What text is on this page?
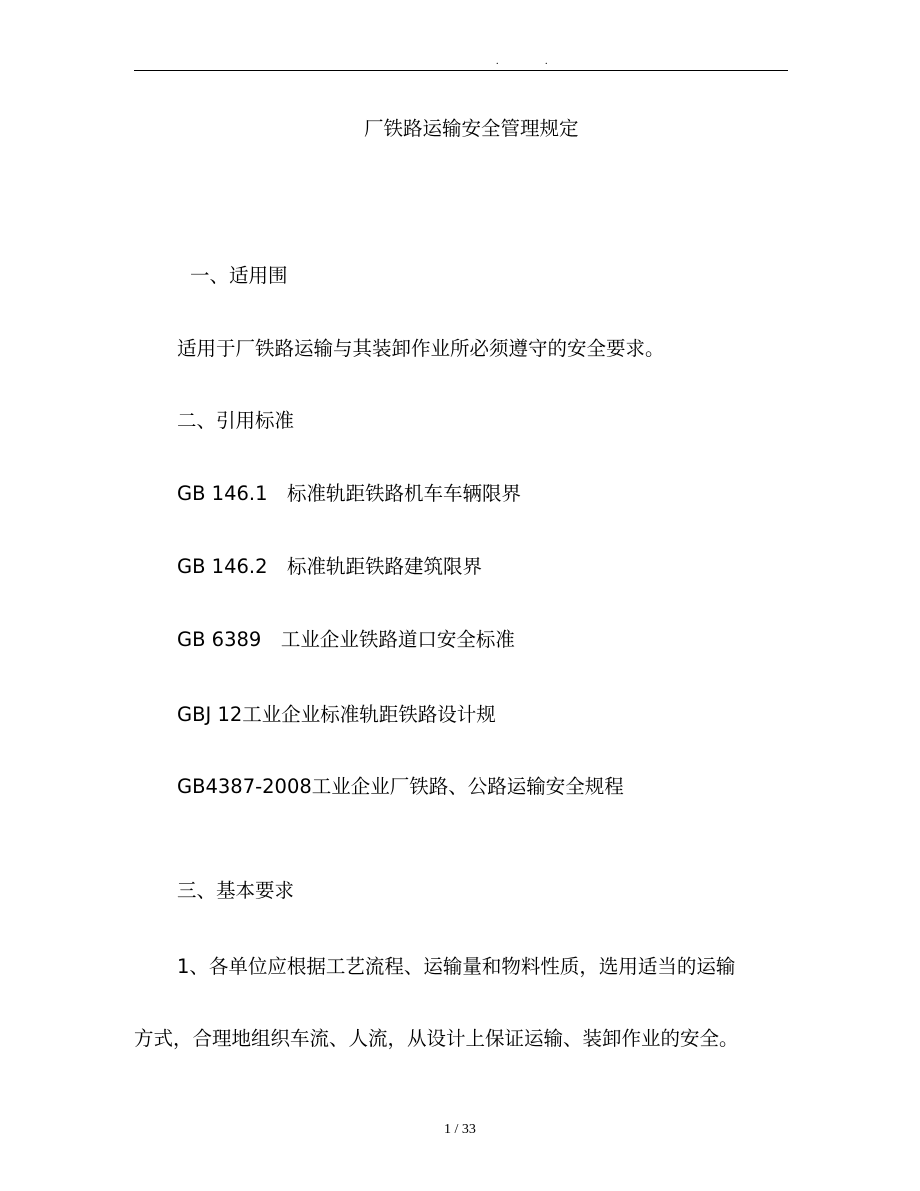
. .
厂铁路运输安全管理规定
一、适用围
适用于厂铁路运输与其装卸作业所必须遵守的安全要求。
二、引用标准
GB 146.1　标准轨距铁路机车车辆限界
GB 146.2　标准轨距铁路建筑限界
GB 6389　工业企业铁路道口安全标准
GBJ 12工业企业标准轨距铁路设计规
GB4387-2008工业企业厂铁路、公路运输安全规程
三、基本要求
1、各单位应根据工艺流程、运输量和物料性质，选用适当的运输
方式，合理地组织车流、人流，从设计上保证运输、装卸作业的安全。
1 / 33
